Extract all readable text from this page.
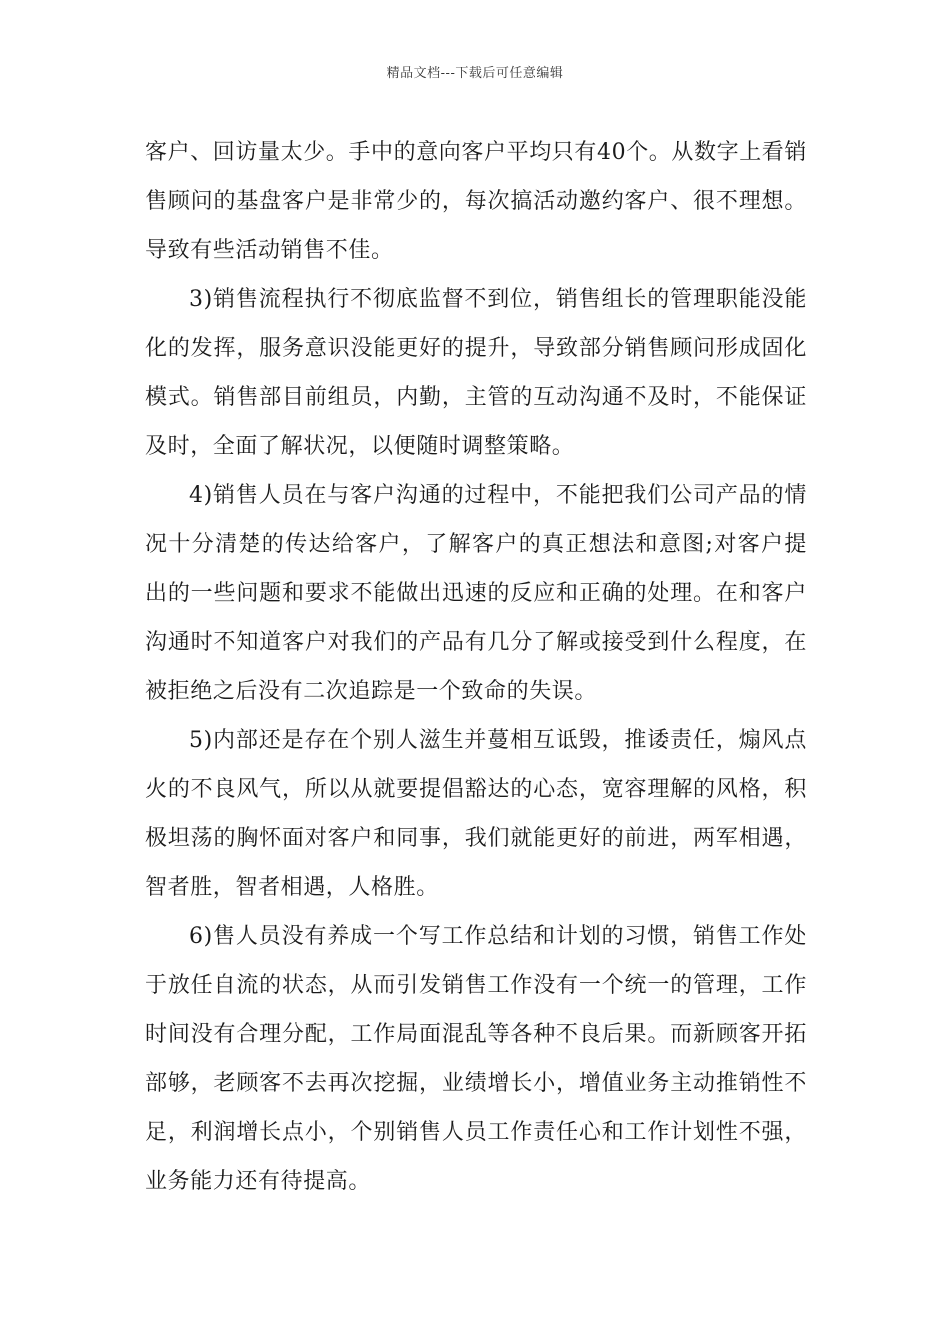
精品文档---下载后可任意编辑

客户、回访量太少。手中的意向客户平均只有40个。从数字上看销售顾问的基盘客户是非常少的，每次搞活动邀约客户、很不理想。导致有些活动销售不佳。

3)销售流程执行不彻底监督不到位，销售组长的管理职能没能化的发挥，服务意识没能更好的提升，导致部分销售顾问形成固化模式。销售部目前组员，内勤，主管的互动沟通不及时，不能保证及时，全面了解状况，以便随时调整策略。

4)销售人员在与客户沟通的过程中，不能把我们公司产品的情况十分清楚的传达给客户，了解客户的真正想法和意图;对客户提出的一些问题和要求不能做出迅速的反应和正确的处理。在和客户沟通时不知道客户对我们的产品有几分了解或接受到什么程度，在被拒绝之后没有二次追踪是一个致命的失误。

5)内部还是存在个别人滋生并蔓相互诋毁，推诿责任，煽风点火的不良风气，所以从就要提倡豁达的心态，宽容理解的风格，积极坦荡的胸怀面对客户和同事，我们就能更好的前进，两军相遇，智者胜，智者相遇，人格胜。

6)售人员没有养成一个写工作总结和计划的习惯，销售工作处于放任自流的状态，从而引发销售工作没有一个统一的管理，工作时间没有合理分配，工作局面混乱等各种不良后果。而新顾客开拓部够，老顾客不去再次挖掘，业绩增长小，增值业务主动推销性不足，利润增长点小，个别销售人员工作责任心和工作计划性不强，业务能力还有待提高。
